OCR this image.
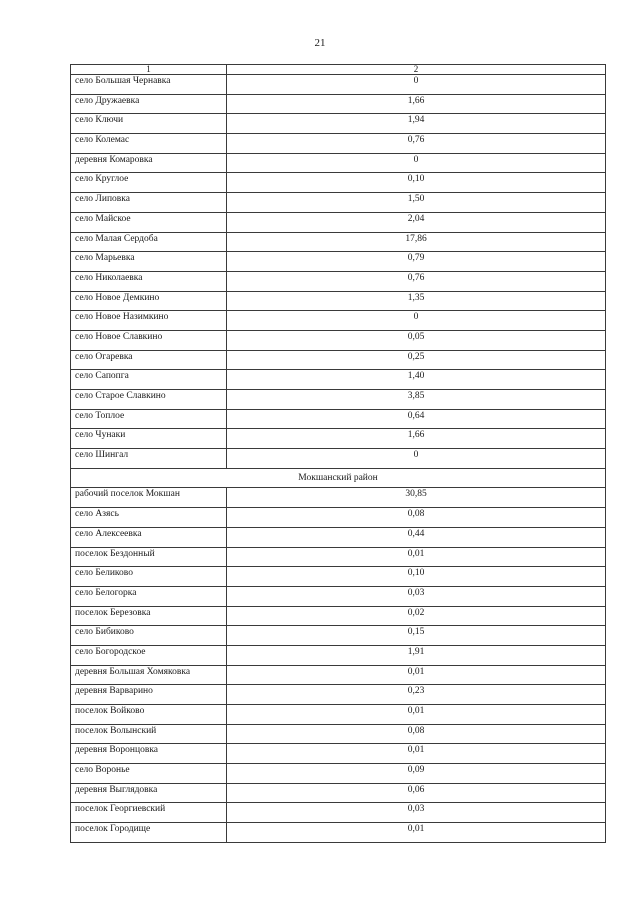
21
1	2
село Большая Чернавка	0
село Дружаевка	1,66
село Ключи	1,94
село Колемас	0,76
деревня Комаровка	0
село Круглое	0,10
село Липовка	1,50
село Майское	2,04
село Малая Сердоба	17,86
село Марьевка	0,79
село Николаевка	0,76
село Новое Демкино	1,35
село Новое Назимкино	0
село Новое Славкино	0,05
село Огаревка	0,25
село Сапопга	1,40
село Старое Славкино	3,85
село Топлое	0,64
село Чунаки	1,66
село Шингал	0
Мокшанский район	
рабочий поселок Мокшан	30,85
село Азясь	0,08
село Алексеевка	0,44
поселок Бездонный	0,01
село Беликово	0,10
село Белогорка	0,03
поселок Березовка	0,02
село Бибиково	0,15
село Богородское	1,91
деревня Большая Хомяковка	0,01
деревня Варварино	0,23
поселок Войково	0,01
поселок Волынский	0,08
деревня Воронцовка	0,01
село Воронье	0,09
деревня Выглядовка	0,06
поселок Георгиевский	0,03
поселок Городище	0,01
